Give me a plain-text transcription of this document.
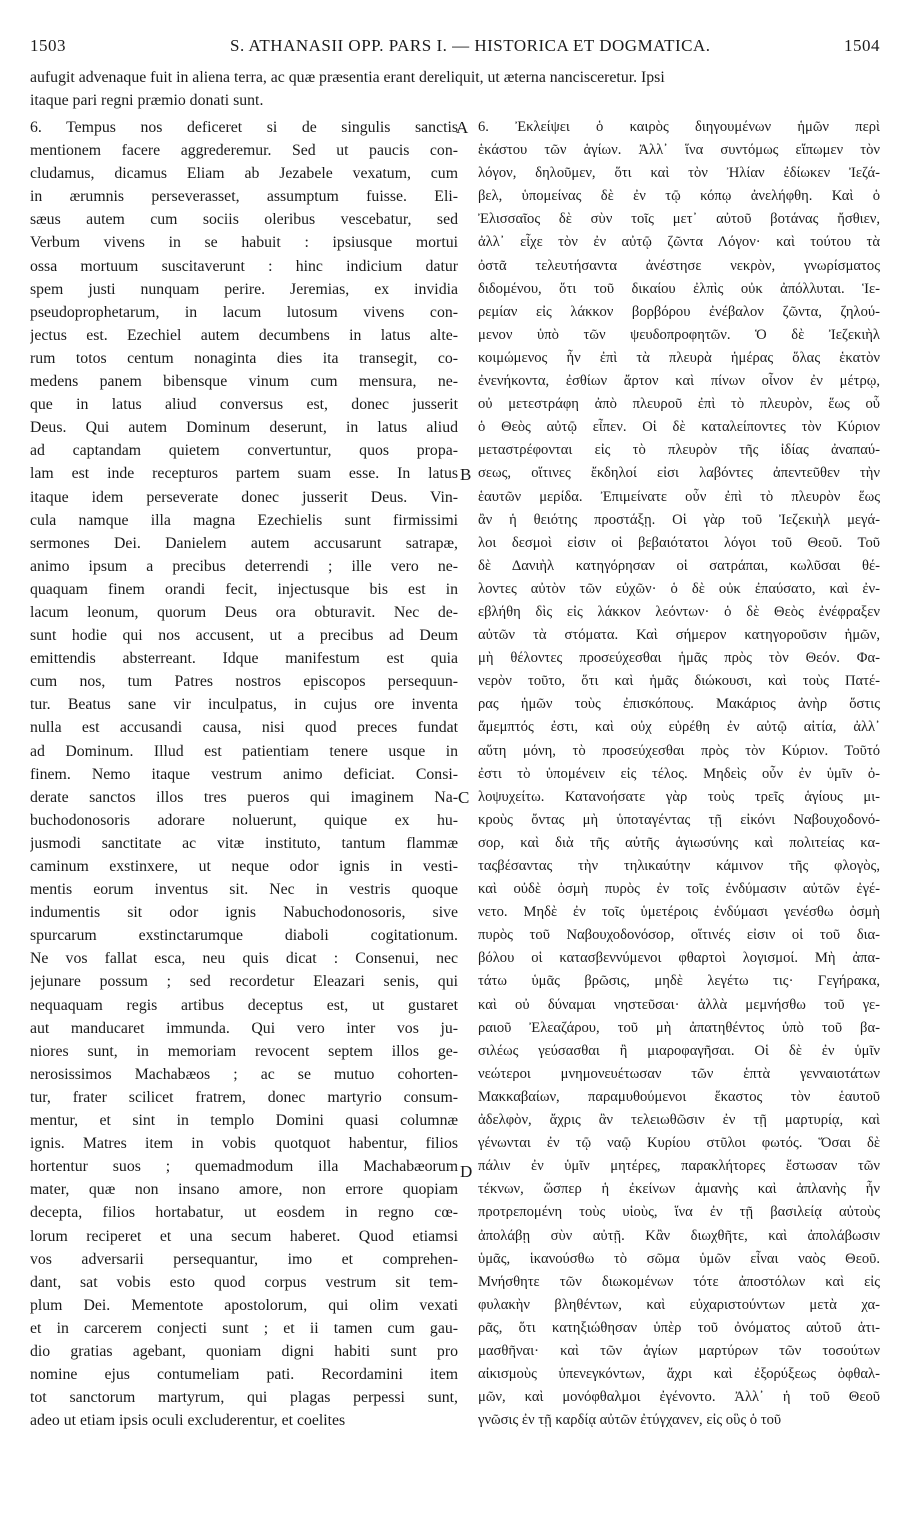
1503	S. ATHANASII OPP. PARS I. — HISTORICA ET DOGMATICA.	1504
aufugit advenaque fuit in aliena terra, ac quæ præsentia erant dereliquit, ut æterna nancisceretur. Ipsi
itaque pari regni præmio donati sunt.
6. Tempus nos deficeret si de singulis sanctis
mentionem facere aggrederemur. Sed ut paucis con-
cludamus, dicamus Eliam ab Jezabele vexatum, cum
in ærumnis perseverasset, assumptum fuisse. Eli-
sæus autem cum sociis oleribus vescebatur, sed
Verbum vivens in se habuit : ipsiusque mortui
ossa mortuum suscitaverunt : hinc indicium datur
spem justi nunquam perire. Jeremias, ex invidia
pseudoprophetarum, in lacum lutosum vivens con-
jectus est. Ezechiel autem decumbens in latus alte-
rum totos centum nonaginta dies ita transegit, co-
medens panem bibensque vinum cum mensura, ne-
que in latus aliud conversus est, donec jusserit
Deus. Qui autem Dominum deserunt, in latus aliud
ad captandam quietem convertuntur, quos propa-
lam est inde recepturos partem suam esse. In latus
itaque idem perseverate donec jusserit Deus. Vin-
cula namque illa magna Ezechielis sunt firmissimi
sermones Dei. Danielem autem accusarunt satrapæ,
animo ipsum a precibus deterrendi ; ille vero ne-
quaquam finem orandi fecit, injectusque bis est in
lacum leonum, quorum Deus ora obturavit. Nec de-
sunt hodie qui nos accusent, ut a precibus ad Deum
emittendis absterreant. Idque manifestum est quia
cum nos, tum Patres nostros episcopos persequun-
tur. Beatus sane vir inculpatus, in cujus ore inventa
nulla est accusandi causa, nisi quod preces fundat
ad Dominum. Illud est patientiam tenere usque in
finem. Nemo itaque vestrum animo deficiat. Consi-
derate sanctos illos tres pueros qui imaginem Na-
buchodonosoris adorare noluerunt, quique ex hu-
jusmodi sanctitate ac vitæ instituto, tantum flammæ
caminum exstinxere, ut neque odor ignis in vesti-
mentis eorum inventus sit. Nec in vestris quoque
indumentis sit odor ignis Nabuchodonosoris, sive
spurcarum exstinctarumque diaboli cogitationum.
Ne vos fallat esca, neu quis dicat : Consenui, nec
jejunare possum ; sed recordetur Eleazari senis, qui
nequaquam regis artibus deceptus est, ut gustaret
aut manducaret immunda. Qui vero inter vos ju-
niores sunt, in memoriam revocent septem illos ge-
nerosissimos Machabæos ; ac se mutuo cohorten-
tur, frater scilicet fratrem, donec martyrio consum-
mentur, et sint in templo Domini quasi columnæ
ignis. Matres item in vobis quotquot habentur, filios
hortentur suos ; quemadmodum illa Machabæorum
mater, quæ non insano amore, non errore quopiam
decepta, filios hortabatur, ut eosdem in regno cœ-
lorum reciperet et una secum haberet. Quod etiamsi
vos adversarii persequantur, imo et comprehen-
dant, sat vobis esto quod corpus vestrum sit tem-
plum Dei. Mementote apostolorum, qui olim vexati
et in carcerem conjecti sunt ; et ii tamen cum gau-
dio gratias agebant, quoniam digni habiti sunt pro
nomine ejus contumeliam pati. Recordamini item
tot sanctorum martyrum, qui plagas perpessi sunt,
adeo ut etiam ipsis oculi excluderentur, et coelites
6. Ἐκλείψει ὁ καιρὸς διηγουμένων ἡμῶν περὶ
ἑκάστου τῶν ἁγίων. Ἀλλ᾽ ἵνα συντόμως εἴπωμεν τὸν
λόγον, δηλοῦμεν, ὅτι καὶ τὸν Ἠλίαν ἐδίωκεν Ἰεζά-
βελ, ὑπομείνας δὲ ἐν τῷ κόπῳ ἀνελήφθη. Καὶ ὁ
Ἐλισσαῖος δὲ σὺν τοῖς μετ᾽ αὐτοῦ βοτάνας ἤσθιεν,
ἀλλ᾽ εἶχε τὸν ἐν αὐτῷ ζῶντα Λόγον· καὶ τούτου τὰ
ὀστᾶ τελευτήσαντα ἀνέστησε νεκρὸν, γνωρίσματος
διδομένου, ὅτι τοῦ δικαίου ἐλπὶς οὐκ ἀπόλλυται. Ἱε-
ρεμίαν εἰς λάκκον βορβόρου ἐνέβαλον ζῶντα, ζηλού-
μενον ὑπὸ τῶν ψευδοπροφητῶν. Ὁ δὲ Ἰεζεκιὴλ
κοιμώμενος ἦν ἐπὶ τὰ πλευρὰ ἡμέρας ὅλας ἑκατὸν
ἐνενήκοντα, ἐσθίων ἄρτον καὶ πίνων οἶνον ἐν μέτρῳ,
οὐ μετεστράφη ἀπὸ πλευροῦ ἐπὶ τὸ πλευρὸν, ἕως οὗ
ὁ Θεὸς αὐτῷ εἶπεν. Οἱ δὲ καταλείποντες τὸν Κύριον
μεταστρέφονται εἰς τὸ πλευρὸν τῆς ἰδίας ἀναπαύ-
σεως, οἵτινες ἔκδηλοί εἰσι λαβόντες ἀπεντεῦθεν τὴν
ἑαυτῶν μερίδα. Ἐπιμείνατε οὖν ἐπὶ τὸ πλευρὸν ἕως
ἂν ἡ θειότης προστάξῃ. Οἱ γὰρ τοῦ Ἰεζεκιὴλ μεγά-
λοι δεσμοὶ εἰσιν οἱ βεβαιότατοι λόγοι τοῦ Θεοῦ. Τοῦ
δὲ Δανιὴλ κατηγόρησαν οἱ σατράπαι, κωλῦσαι θέ-
λοντες αὐτὸν τῶν εὐχῶν· ὁ δὲ οὐκ ἐπαύσατο, καὶ ἐν-
εβλήθη δὶς εἰς λάκκον λεόντων· ὁ δὲ Θεὸς ἐνέφραξεν
αὐτῶν τὰ στόματα. Καὶ σήμερον κατηγοροῦσιν ἡμῶν,
μὴ θέλοντες προσεύχεσθαι ἡμᾶς πρὸς τὸν Θεόν. Φα-
νερὸν τοῦτο, ὅτι καὶ ἡμᾶς διώκουσι, καὶ τοὺς Πατέ-
ρας ἡμῶν τοὺς ἐπισκόπους. Μακάριος ἀνὴρ ὅστις
ἄμεμπτός ἐστι, καὶ οὐχ εὑρέθη ἐν αὐτῷ αἰτία, ἀλλ᾽
αὕτη μόνη, τὸ προσεύχεσθαι πρὸς τὸν Κύριον. Τοῦτό
ἐστι τὸ ὑπομένειν εἰς τέλος. Μηδεὶς οὖν ἐν ὑμῖν ὀ-
λοψυχείτω. Κατανοήσατε γὰρ τοὺς τρεῖς ἁγίους μι-
κροὺς ὄντας μὴ ὑποταγέντας τῇ εἰκόνι Ναβουχοδονό-
σορ, καὶ διὰ τῆς αὐτῆς ἁγιωσύνης καὶ πολιτείας κα-
ταςβέσαντας τὴν τηλικαύτην κάμινον τῆς φλογὸς,
καὶ οὐδὲ ὀσμὴ πυρὸς ἐν τοῖς ἐνδύμασιν αὐτῶν ἐγέ-
νετο. Μηδὲ ἐν τοῖς ὑμετέροις ἐνδύμασι γενέσθω ὀσμὴ
πυρὸς τοῦ Ναβουχοδονόσορ, οἵτινές εἰσιν οἱ τοῦ δια-
βόλου οἱ κατασβεννύμενοι φθαρτοὶ λογισμοί. Μὴ ἀπα-
τάτω ὑμᾶς βρῶσις, μηδὲ λεγέτω τις· Γεγήρακα,
καὶ οὐ δύναμαι νηστεῦσαι· ἀλλὰ μεμνήσθω τοῦ γε-
ραιοῦ Ἐλεαζάρου, τοῦ μὴ ἀπατηθέντος ὑπὸ τοῦ βα-
σιλέως γεύσασθαι ἢ μιαροφαγῆσαι. Οἱ δὲ ἐν ὑμῖν
νεώτεροι μνημονευέτωσαν τῶν ἑπτὰ γενναιοτάτων
Μακκαβαίων, παραμυθούμενοι ἕκαστος τὸν ἑαυτοῦ
ἀδελφὸν, ἄχρις ἂν τελειωθῶσιν ἐν τῇ μαρτυρίᾳ, καὶ
γένωνται ἐν τῷ ναῷ Κυρίου στῦλοι φωτός. Ὅσαι δὲ
πάλιν ἐν ὑμῖν μητέρες, παρακλήτορες ἔστωσαν τῶν
τέκνων, ὥσπερ ἡ ἐκείνων ἀμανὴς καὶ ἀπλανὴς ἦν
προτρεπομένη τοὺς υἱοὺς, ἵνα ἐν τῇ βασιλείᾳ αὐτοὺς
ἀπολάβῃ σὺν αὐτῇ. Κἂν διωχθῆτε, καὶ ἀπολάβωσιν
ὑμᾶς, ἱκανούσθω τὸ σῶμα ὑμῶν εἶναι ναὸς Θεοῦ.
Μνήσθητε τῶν διωκομένων τότε ἀποστόλων καὶ εἰς
φυλακὴν βληθέντων, καὶ εὐχαριστούντων μετὰ χα-
ρᾶς, ὅτι κατηξιώθησαν ὑπὲρ τοῦ ὀνόματος αὐτοῦ ἀτι-
μασθῆναι· καὶ τῶν ἁγίων μαρτύρων τῶν τοσούτων
αἰκισμοὺς ὑπενεγκόντων, ἄχρι καὶ ἐξορύξεως ὀφθαλ-
μῶν, καὶ μονόφθαλμοι ἐγένοντο. Ἀλλ᾽ ἡ τοῦ Θεοῦ
γνῶσις ἐν τῇ καρδίᾳ αὐτῶν ἐτύγχανεν, εἰς οὓς ὁ τοῦ
A
B
C
D
